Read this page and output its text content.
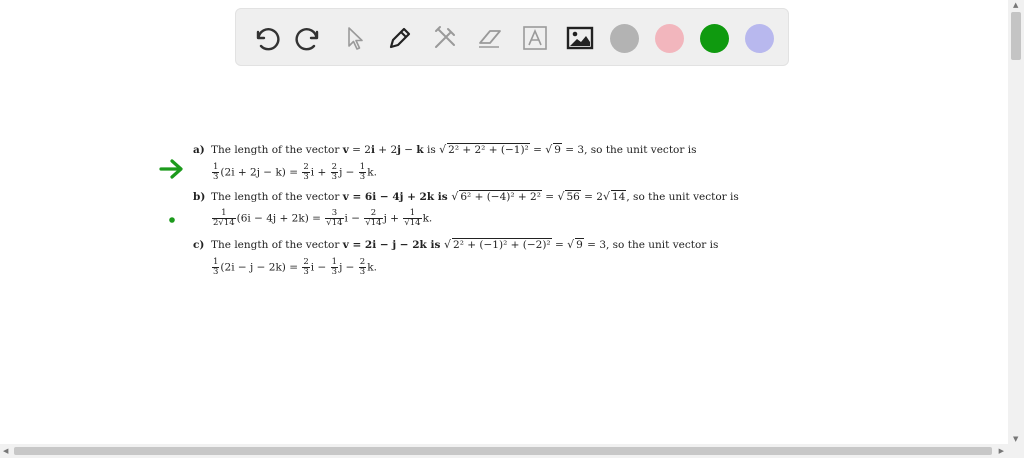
a) The length of the vector v = 2i + 2j − k is √ 2² + 2² + (−1)² = √ 9 = 3, so the unit vector is
$\frac{1}{3} (2i + 2j - k) = \frac{2}{3}$ $i + \frac{2}{3}$ $j - \frac{1}{3} k$.
b) The length of the vector v = 6i − 4j + 2k is √ 6² + (−4)² + 2² = √ 56 = 2√ 14, so the unit vector is
$\frac{1}{2√14} (6i - 4j + 2k) = \frac{3}{√14}$ $i - \frac{2}{√14}$ $j + \frac{1}{√14} k$.
c) The length of the vector v = 2i − j − 2k is √ 2² + (−1)² + (−2)² = √ 9 = 3, so the unit vector is
$\frac{1}{3} (2i - j - 2k) = \frac{2}{3}$ $i - \frac{1}{3}$ $j - \frac{2}{3} k$.
▲
▼
◀	▶
